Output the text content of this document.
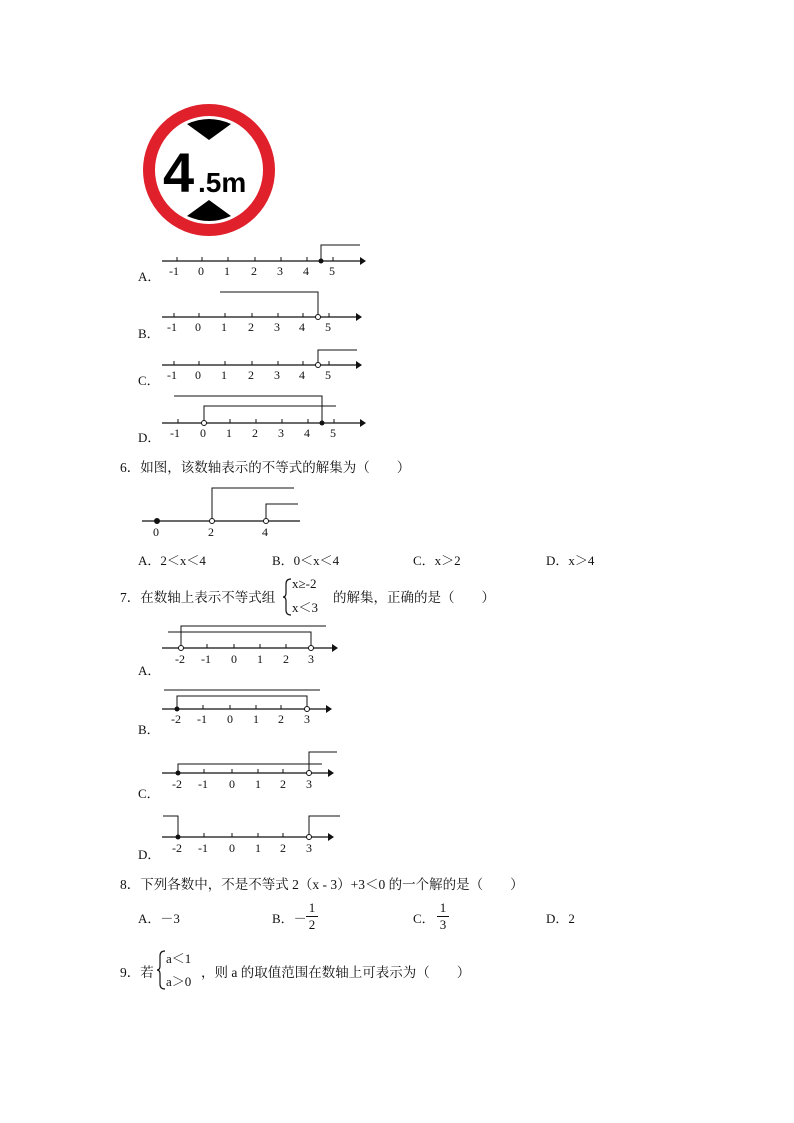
4 .5m
A． -1 0 1 2 3 4 5
B． -1 0 1 2 3 4 5
C． -1 0 1 2 3 4 5
D． -1 0 1 2 3 4 5
6．如图，该数轴表示的不等式的解集为（　　）
0	2	4
A．2＜x＜4	B．0＜x＜4	C．x＞2	D．x＞4
7．在数轴上表示不等式组
x≥-2
x＜3
的解集，正确的是（　　）
A．
-2 -1 0 1 2 3
B．
-2 -1 0 1 2 3
C．
-2 -1 0 1 2 3
D． -2 -1 0 1 2 3
8．下列各数中，不是不等式 2（x - 3）+3＜0 的一个解的是（　　）
A．－3	B．－ $\frac{1}{2}$	C． $\frac{1}{3}$	D．2
9．若
a＜1
a＞0
，则 a 的取值范围在数轴上可表示为（　　）
